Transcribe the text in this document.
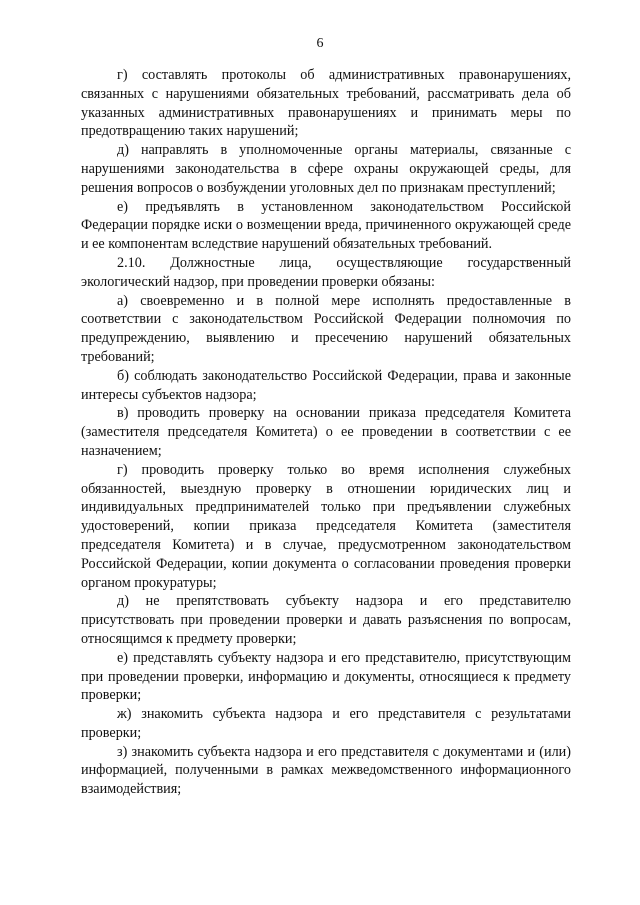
6

г) составлять протоколы об административных правонарушениях, связанных с нарушениями обязательных требований, рассматривать дела об указанных административных правонарушениях и принимать меры по предотвращению таких нарушений;

д) направлять в уполномоченные органы материалы, связанные с нарушениями законодательства в сфере охраны окружающей среды, для решения вопросов о возбуждении уголовных дел по признакам преступлений;

е) предъявлять в установленном законодательством Российской Федерации порядке иски о возмещении вреда, причиненного окружающей среде и ее компонентам вследствие нарушений обязательных требований.

2.10. Должностные лица, осуществляющие государственный экологический надзор, при проведении проверки обязаны:

а) своевременно и в полной мере исполнять предоставленные в соответствии с законодательством Российской Федерации полномочия по предупреждению, выявлению и пресечению нарушений обязательных требований;

б) соблюдать законодательство Российской Федерации, права и законные интересы субъектов надзора;

в) проводить проверку на основании приказа председателя Комитета (заместителя председателя Комитета) о ее проведении в соответствии с ее назначением;

г) проводить проверку только во время исполнения служебных обязанностей, выездную проверку в отношении юридических лиц и индивидуальных предпринимателей только при предъявлении служебных удостоверений, копии приказа председателя Комитета (заместителя председателя Комитета) и в случае, предусмотренном законодательством Российской Федерации, копии документа о согласовании проведения проверки органом прокуратуры;

д) не препятствовать субъекту надзора и его представителю присутствовать при проведении проверки и давать разъяснения по вопросам, относящимся к предмету проверки;

е) представлять субъекту надзора и его представителю, присутствующим при проведении проверки, информацию и документы, относящиеся к предмету проверки;

ж) знакомить субъекта надзора и его представителя с результатами проверки;

з) знакомить субъекта надзора и его представителя с документами и (или) информацией, полученными в рамках межведомственного информационного взаимодействия;
